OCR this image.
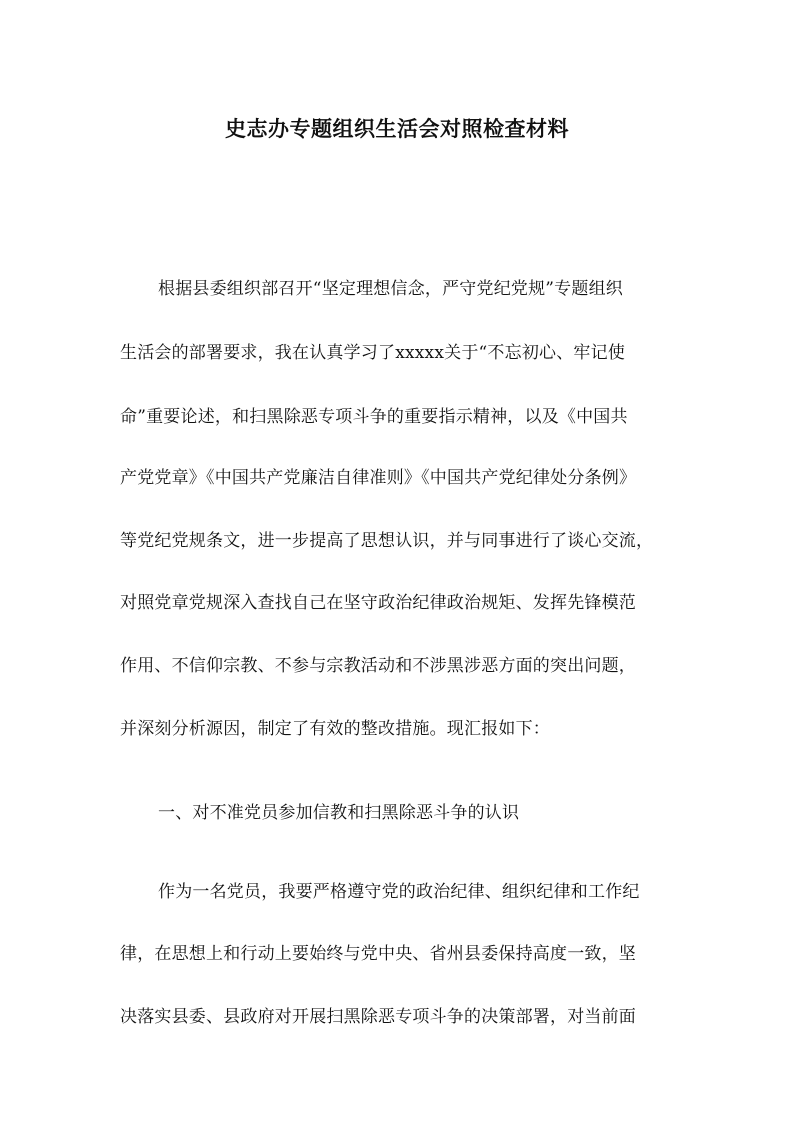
史志办专题组织生活会对照检查材料
根据县委组织部召开“坚定理想信念，严守党纪党规”专题组织
生活会的部署要求，我在认真学习了xxxxx关于“不忘初心、牢记使
命”重要论述，和扫黑除恶专项斗争的重要指示精神，以及《中国共
产党党章》《中国共产党廉洁自律准则》《中国共产党纪律处分条例》
等党纪党规条文，进一步提高了思想认识，并与同事进行了谈心交流，
对照党章党规深入查找自己在坚守政治纪律政治规矩、发挥先锋模范
作用、不信仰宗教、不参与宗教活动和不涉黑涉恶方面的突出问题，
并深刻分析源因，制定了有效的整改措施。现汇报如下：
一、对不准党员参加信教和扫黑除恶斗争的认识
作为一名党员，我要严格遵守党的政治纪律、组织纪律和工作纪
律，在思想上和行动上要始终与党中央、省州县委保持高度一致，坚
决落实县委、县政府对开展扫黑除恶专项斗争的决策部署，对当前面
